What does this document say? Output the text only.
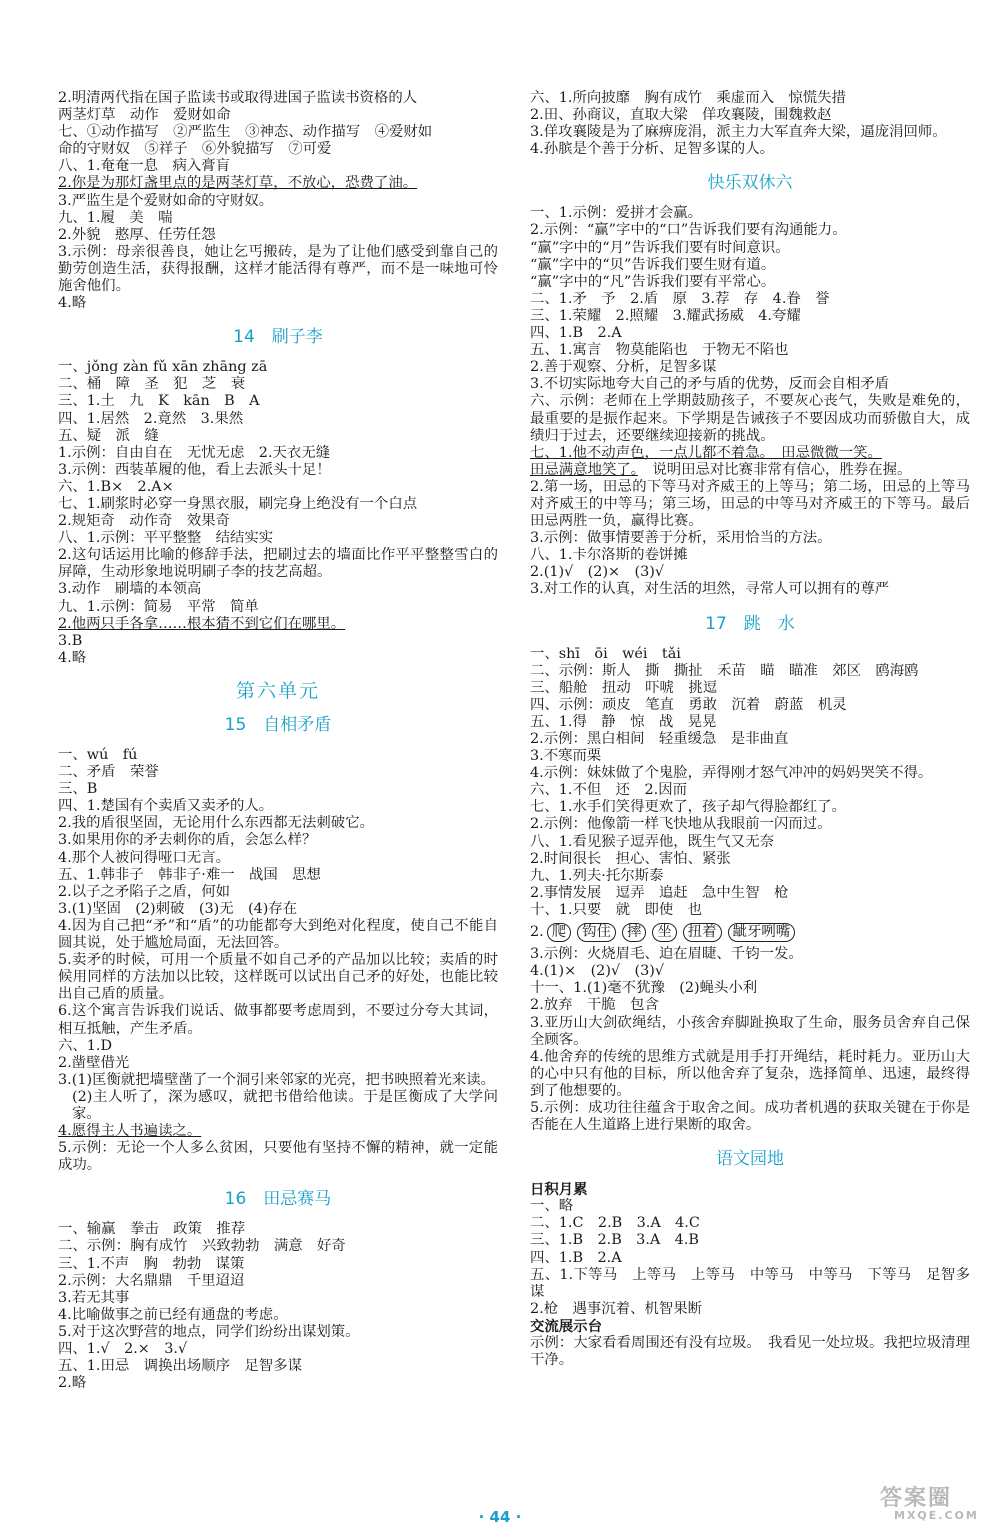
2.明清两代指在国子监读书或取得进国子监读书资格的人
两茎灯草　动作　爱财如命
七、①动作描写　②严监生　③神态、动作描写　④爱财如
命的守财奴　⑤祥子　⑥外貌描写　⑦可爱
八、1.奄奄一息　病入膏肓
2.你是为那灯盏里点的是两茎灯草，不放心，恐费了油。
3.严监生是个爱财如命的守财奴。
九、1.履　美　喘
2.外貌　憨厚、任劳任怨
3.示例：母亲很善良，她让乞丐搬砖，是为了让他们感受到靠自己的勤劳创造生活，获得报酬，这样才能活得有尊严，而不是一味地可怜施舍他们。
4.略
14　刷子李
一、jǒng zàn fǔ xān zhāng zā
二、桶　障　圣　犯　芝　衰
三、1.土　九　K　kān　B　A
四、1.居然　2.竟然　3.果然
五、疑　派　缝
1.示例：自由自在　无忧无虑　2.天衣无缝
3.示例：西装革履的他，看上去派头十足！
六、1.B×　2.A×
七、1.刷浆时必穿一身黑衣服，刷完身上绝没有一个白点
2.规矩奇　动作奇　效果奇
八、1.示例：平平整整　结结实实
2.这句话运用比喻的修辞手法，把刷过去的墙面比作平平整整雪白的屏障，生动形象地说明刷子李的技艺高超。
3.动作　刷墙的本领高
九、1.示例：简易　平常　简单
2.他两只手各拿……根本猜不到它们在哪里。
3.B
4.略
第六单元
15　自相矛盾
一、wú　fú
二、矛盾　荣誉
三、B
四、1.楚国有个卖盾又卖矛的人。
2.我的盾很坚固，无论用什么东西都无法刺破它。
3.如果用你的矛去刺你的盾，会怎么样？
4.那个人被问得哑口无言。
五、1.韩非子　韩非子·难一　战国　思想
2.以子之矛陷子之盾，何如
3.(1)坚固　(2)刺破　(3)无　(4)存在
4.因为自己把“矛”和“盾”的功能都夸大到绝对化程度，使自己不能自圆其说，处于尴尬局面，无法回答。
5.卖矛的时候，可用一个质量不如自己矛的产品加以比较；卖盾的时候用同样的方法加以比较，这样既可以试出自己矛的好处，也能比较出自己盾的质量。
6.这个寓言告诉我们说话、做事都要考虑周到，不要过分夸大其词，相互抵触，产生矛盾。
六、1.D
2.凿壁借光
3.(1)匡衡就把墙壁凿了一个洞引来邻家的光亮，把书映照着光来读。
(2)主人听了，深为感叹，就把书借给他读。于是匡衡成了大学问家。
4.愿得主人书遍读之。
5.示例：无论一个人多么贫困，只要他有坚持不懈的精神，就一定能成功。
16　田忌赛马
一、输赢　拳击　政策　推荐
二、示例：胸有成竹　兴致勃勃　满意　好奇
三、1.不声　胸　勃勃　谋策
2.示例：大名鼎鼎　千里迢迢
3.若无其事
4.比喻做事之前已经有通盘的考虑。
5.对于这次野营的地点，同学们纷纷出谋划策。
四、1.√　2.×　3.√
五、1.田忌　调换出场顺序　足智多谋
2.略
六、1.所向披靡　胸有成竹　乘虚而入　惊慌失措
2.田、孙商议，直取大梁　佯攻襄陵，围魏救赵
3.佯攻襄陵是为了麻痹庞涓，派主力大军直奔大梁，逼庞涓回师。
4.孙膑是个善于分析、足智多谋的人。
快乐双休六
一、1.示例：爱拼才会赢。
2.示例：“赢”字中的“口”告诉我们要有沟通能力。
“赢”字中的“月”告诉我们要有时间意识。
“赢”字中的“贝”告诉我们要生财有道。
“赢”字中的“凡”告诉我们要有平常心。
二、1.矛　予　2.盾　原　3.荐　存　4.眷　誉
三、1.荣耀　2.照耀　3.耀武扬威　4.夸耀
四、1.B　2.A
五、1.寓言　物莫能陷也　于物无不陷也
2.善于观察、分析，足智多谋
3.不切实际地夸大自己的矛与盾的优势，反而会自相矛盾
六、示例：老师在上学期鼓励孩子，不要灰心丧气，失败是难免的，最重要的是振作起来。下学期是告诫孩子不要因成功而骄傲自大，成绩归于过去，还要继续迎接新的挑战。
七、1.他不动声色，一点儿都不着急。　田忌微微一笑。
田忌满意地笑了。　说明田忌对比赛非常有信心，胜券在握。
2.第一场，田忌的下等马对齐威王的上等马；第二场，田忌的上等马对齐威王的中等马；第三场，田忌的中等马对齐威王的下等马。最后田忌两胜一负，赢得比赛。
3.示例：做事情要善于分析，采用恰当的方法。
八、1.卡尔洛斯的卷饼摊
2.(1)√　(2)×　(3)√
3.对工作的认真，对生活的坦然，寻常人可以拥有的尊严
17　跳　水
一、shī　ōi　wéi　tǎi
二、示例：斯人　撕　撕扯　禾苗　瞄　瞄准　郊区　鸥海鸥
三、船舱　扭动　吓唬　挑逗
四、示例：顽皮　笔直　勇敢　沉着　蔚蓝　机灵
五、1.得　静　惊　战　晃晃
2.示例：黑白相间　轻重缓急　是非曲直
3.不寒而栗
4.示例：妹妹做了个鬼脸，弄得刚才怒气冲冲的妈妈哭笑不得。
六、1.不但　还　2.因而
七、1.水手们笑得更欢了，孩子却气得脸都红了。
2.示例：他像箭一样飞快地从我眼前一闪而过。
八、1.看见猴子逗弄他，既生气又无奈
2.时间很长　担心、害怕、紧张
九、1.列夫·托尔斯泰
2.事情发展　逗弄　追赶　急中生智　枪
十、1.只要　就　即使　也
2. 爬 钩住 摔 坐 扭着 龇牙咧嘴
3.示例：火烧眉毛、迫在眉睫、千钧一发。
4.(1)×　(2)√　(3)√
十一、1.(1)毫不犹豫　(2)蝇头小利
2.放弃　干脆　包含
3.亚历山大剑砍绳结，小孩舍弃脚趾换取了生命，服务员舍弃自己保全顾客。
4.他舍弃的传统的思维方式就是用手打开绳结，耗时耗力。亚历山大的心中只有他的目标，所以他舍弃了复杂，选择简单、迅速，最终得到了他想要的。
5.示例：成功往往蕴含于取舍之间。成功者机遇的获取关键在于你是否能在人生道路上进行果断的取舍。
语文园地
日积月累
一、略
二、1.C　2.B　3.A　4.C
三、1.B　2.B　3.A　4.B
四、1.B　2.A
五、1.下等马　上等马　上等马　中等马　中等马　下等马　足智多谋
2.枪　遇事沉着、机智果断
交流展示台
示例：大家看看周围还有没有垃圾。　我看见一处垃圾。我把垃圾清理干净。
· 44 ·
答案圈
MXQE.COM
